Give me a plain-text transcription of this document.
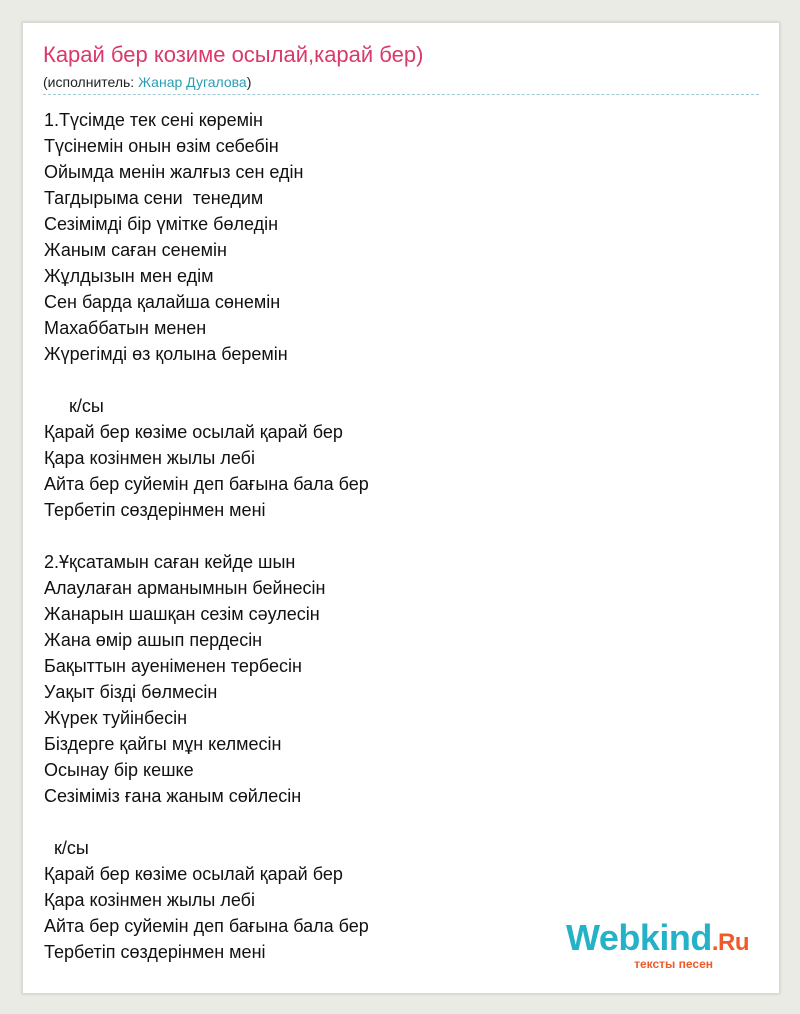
Карай бер козиме осылай,карай бер)
(исполнитель: Жанар Дугалова)
1.Түсімде тек сені көремін
Түсінемін онын өзім себебін
Ойымда менін жалғыз сен едін
Тагдырыма сени  тенедим
Сезімімді бір үмітке бөледін
Жаным саған сенемін
Жұлдызын мен едім
Сен барда қалайша сөнемін
Махаббатын менен
Жүрегімді өз қолына беремін
к/сы
Қарай бер көзіме осылай қарай бер
Қара козінмен жылы лебі
Айта бер суйемін деп бағына бала бер
Тербетіп сөздерінмен мені
2.Ұқсатамын саған кейде шын
Алаулаған арманымнын бейнесін
Жанарын шашқан сезім сәулесін
Жана өмір ашып пердесін
Бақыттын ауеніменен тербесін
Уақыт бізді бөлмесін
Жүрек туйінбесін
Біздерге қайгы мұн келмесін
Осынау бір кешке
Сезіміміз ғана жаным сөйлесін
к/сы
Қарай бер көзіме осылай қарай бер
Қара козінмен жылы лебі
Айта бер суйемін деп бағына бала бер
Тербетіп сөздерінмен мені	Webkind.Ru
тексты песен
